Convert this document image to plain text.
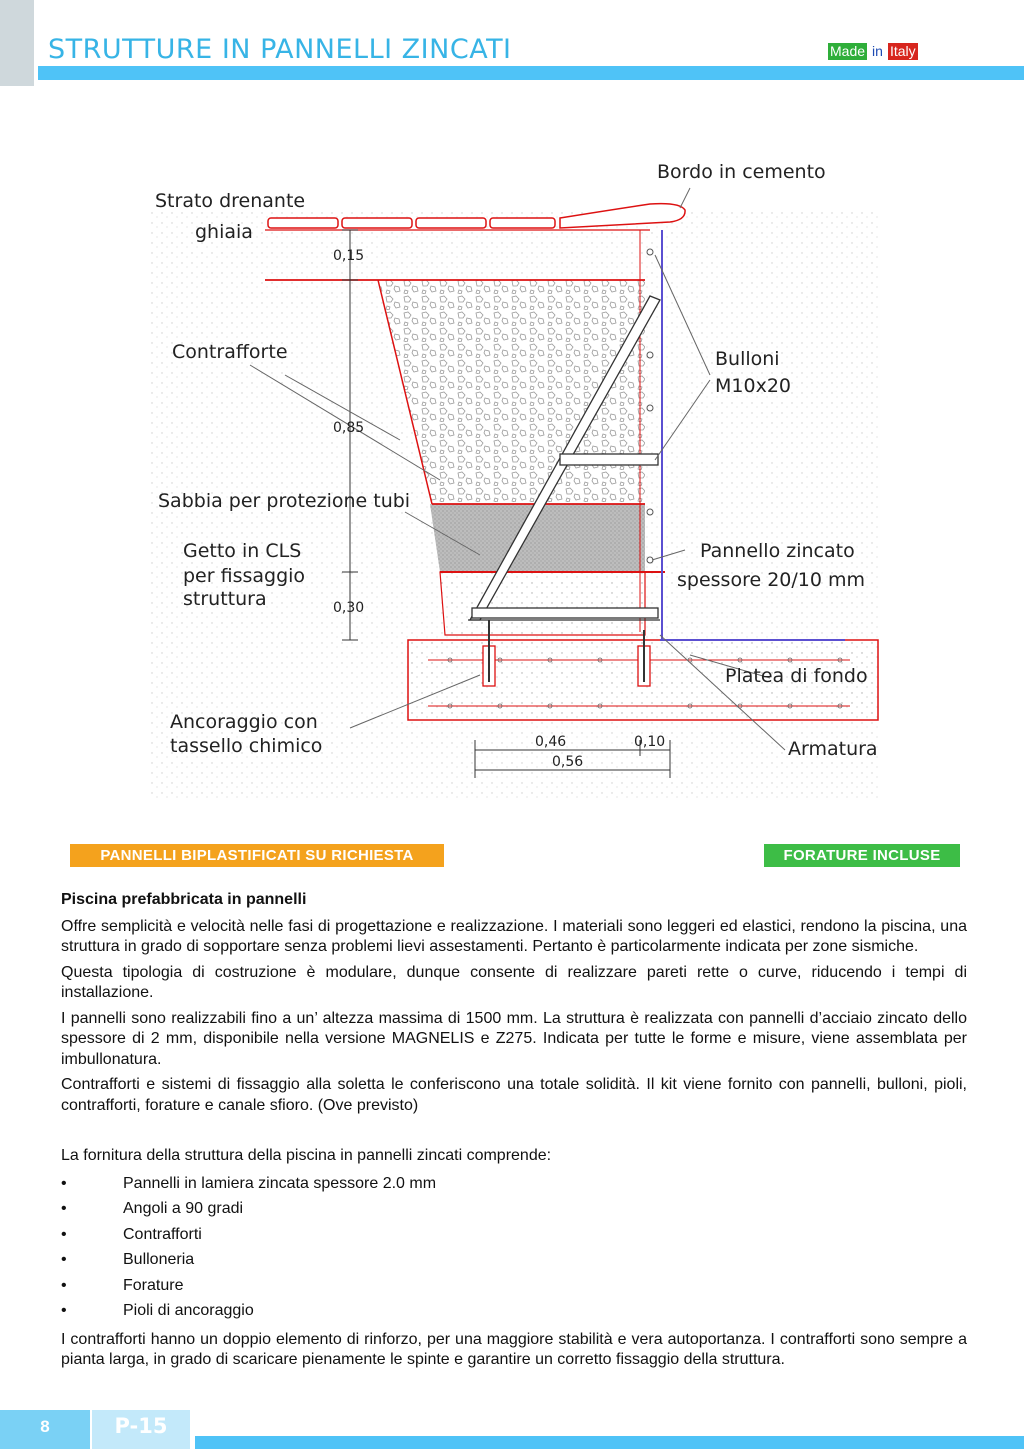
STRUTTURE IN PANNELLI ZINCATI	Made in Italy
Bordo in cemento
Strato drenante
ghiaia
Contrafforte	Bulloni
M10x20
Sabbia per protezione tubi
Getto in CLS
per fissaggio
struttura
Pannello zincato
spessore 20/10 mm
Platea di fondo
Ancoraggio con
tassello chimico	Armatura
0,15
0,85
0,30
0,46	0,10
0,56
PANNELLI BIPLASTIFICATI SU RICHIESTA	FORATURE INCLUSE

Piscina prefabbricata in pannelli

Offre semplicità e velocità nelle fasi di progettazione e realizzazione. I materiali sono leggeri ed elastici, rendono la piscina, una struttura in grado di sopportare senza problemi lievi assestamenti. Pertanto è particolarmente indicata per zone sismiche.

Questa tipologia di costruzione è modulare, dunque consente di realizzare pareti rette o curve, riducendo i tempi di installazione.

I pannelli sono realizzabili fino a un’ altezza massima di 1500 mm. La struttura è realizzata con pannelli d’acciaio zincato dello spessore di 2 mm, disponibile nella versione MAGNELIS e Z275. Indicata per tutte le forme e misure, viene assemblata per imbullonatura.

Contrafforti e sistemi di fissaggio alla soletta le conferiscono una totale solidità. Il kit viene fornito con pannelli, bulloni, pioli, contrafforti, forature e canale sfioro. (Ove previsto)

La fornitura della struttura della piscina in pannelli zincati comprende:

•	Pannelli in lamiera zincata spessore 2.0 mm
•	Angoli a 90 gradi
•	Contrafforti
•	Bulloneria
•	Forature
•	Pioli di ancoraggio

I contrafforti hanno un doppio elemento di rinforzo, per una maggiore stabilità e vera autoportanza. I contrafforti sono sempre a pianta larga, in grado di scaricare pienamente le spinte e garantire un corretto fissaggio della struttura.

8	P-15
